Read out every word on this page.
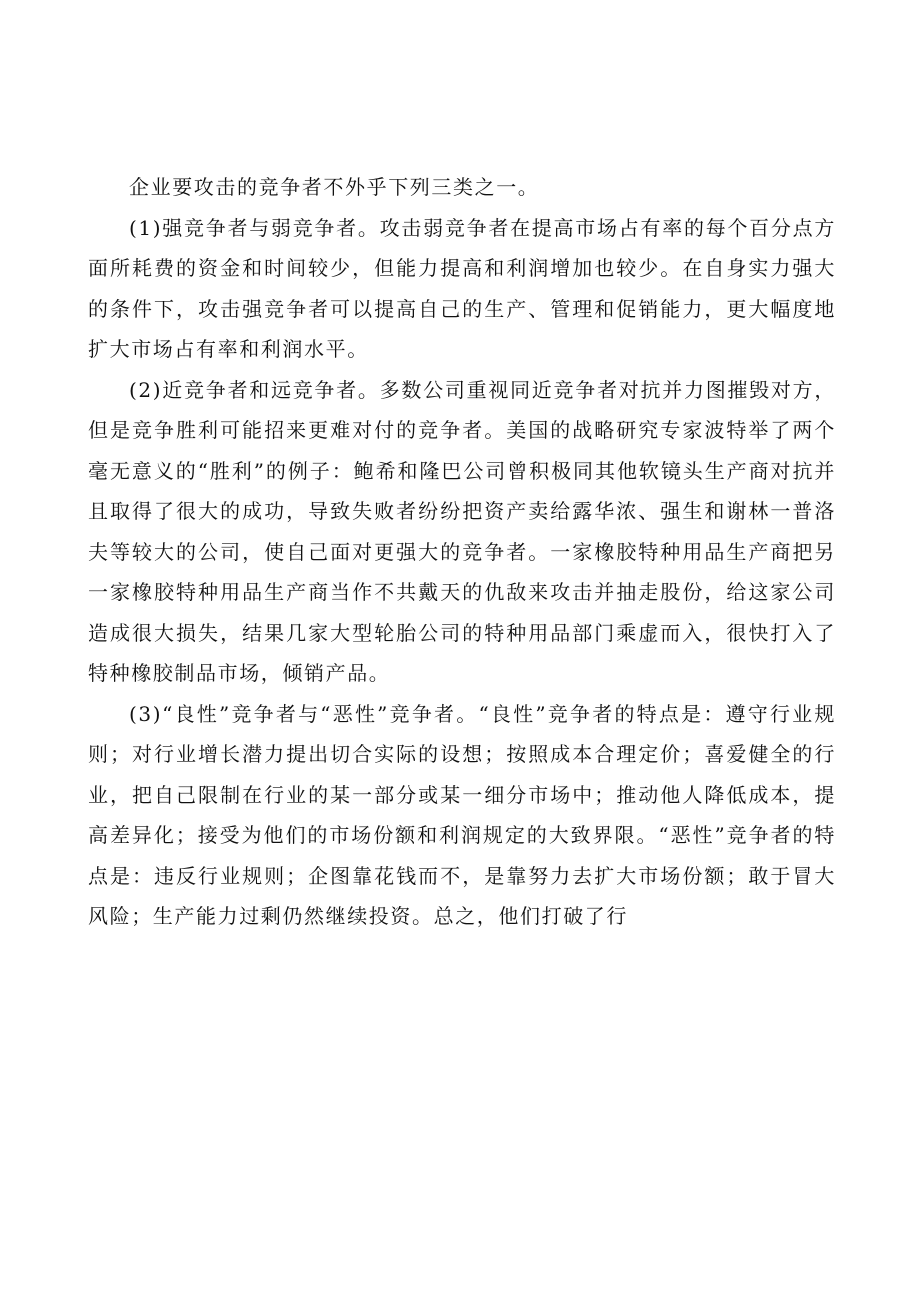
企业要攻击的竞争者不外乎下列三类之一。

(1)强竞争者与弱竞争者。攻击弱竞争者在提高市场占有率的每个百分点方面所耗费的资金和时间较少，但能力提高和利润增加也较少。在自身实力强大的条件下，攻击强竞争者可以提高自己的生产、管理和促销能力，更大幅度地扩大市场占有率和利润水平。

(2)近竞争者和远竞争者。多数公司重视同近竞争者对抗并力图摧毁对方，但是竞争胜利可能招来更难对付的竞争者。美国的战略研究专家波特举了两个毫无意义的“胜利”的例子：鲍希和隆巴公司曾积极同其他软镜头生产商对抗并且取得了很大的成功，导致失败者纷纷把资产卖给露华浓、强生和谢林一普洛夫等较大的公司，使自己面对更强大的竞争者。一家橡胶特种用品生产商把另一家橡胶特种用品生产商当作不共戴天的仇敌来攻击并抽走股份，给这家公司造成很大损失，结果几家大型轮胎公司的特种用品部门乘虚而入，很快打入了特种橡胶制品市场，倾销产品。

(3)“良性”竞争者与“恶性”竞争者。“良性”竞争者的特点是：遵守行业规则；对行业增长潜力提出切合实际的设想；按照成本合理定价；喜爱健全的行业，把自己限制在行业的某一部分或某一细分市场中；推动他人降低成本，提高差异化；接受为他们的市场份额和利润规定的大致界限。“恶性”竞争者的特点是：违反行业规则；企图靠花钱而不，是靠努力去扩大市场份额；敢于冒大风险；生产能力过剩仍然继续投资。总之，他们打破了行
